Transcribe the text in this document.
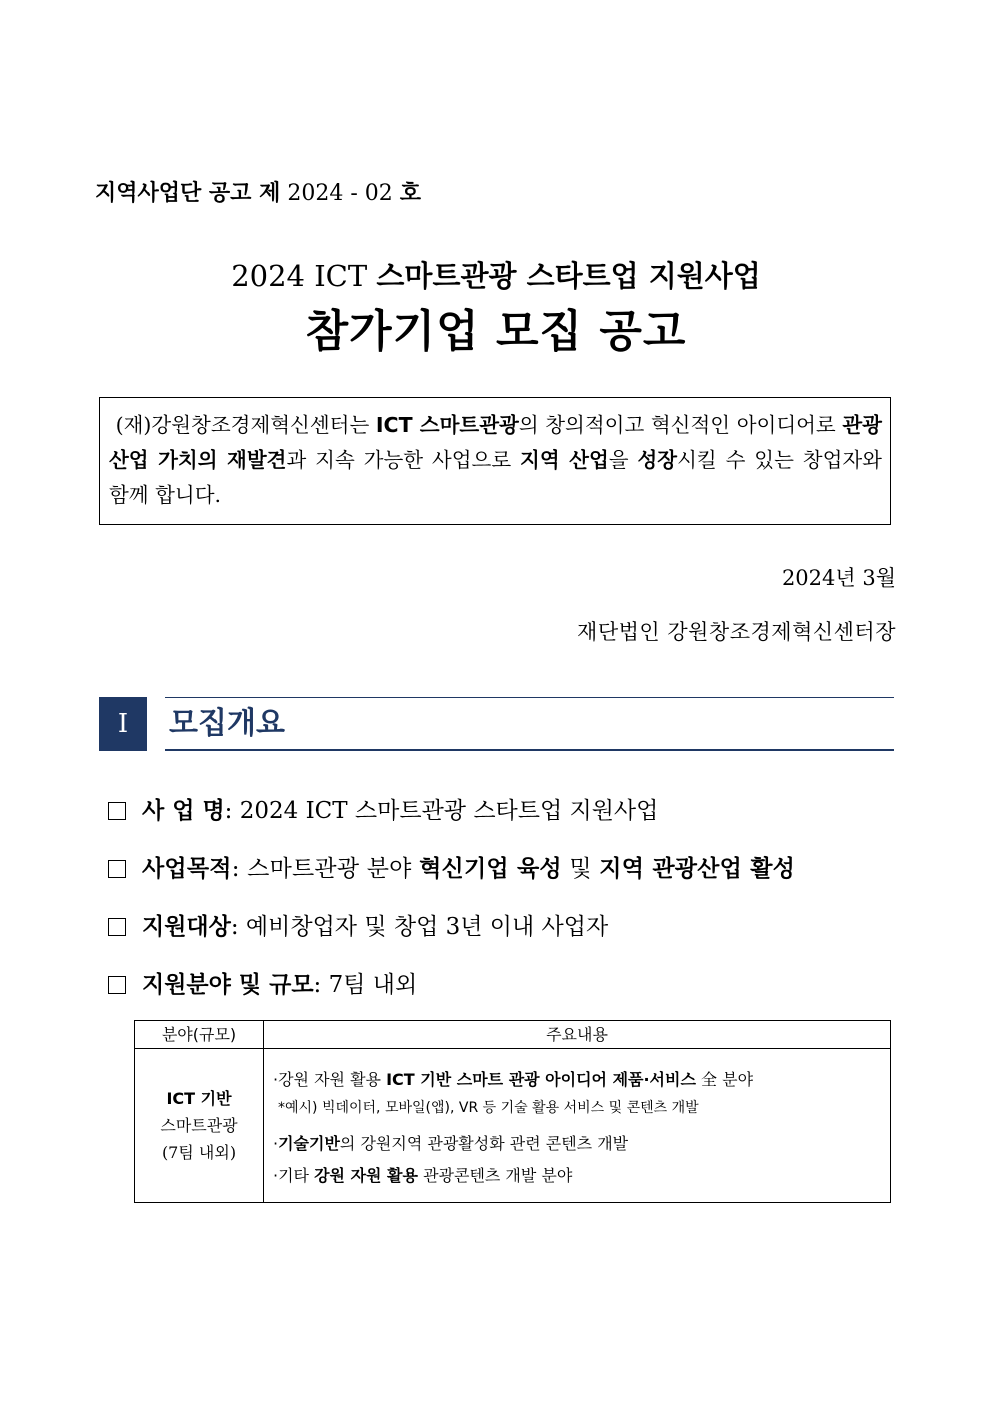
지역사업단 공고 제 2024 - 02 호
2024 ICT 스마트관광 스타트업 지원사업
참가기업 모집 공고
(재)강원창조경제혁신센터는 ICT 스마트관광의 창의적이고 혁신적인 아이디어로 관광 산업 가치의 재발견과 지속 가능한 사업으로 지역 산업을 성장시킬 수 있는 창업자와 함께 합니다.
2024년 3월
재단법인 강원창조경제혁신센터장
Ⅰ	모집개요
사 업 명: 2024 ICT 스마트관광 스타트업 지원사업
사업목적: 스마트관광 분야 혁신기업 육성 및 지역 관광산업 활성
지원대상: 예비창업자 및 창업 3년 이내 사업자
지원분야 및 규모: 7팀 내외
분야(규모)	주요내용
ICT 기반
스마트관광
(7팀 내외)
·강원 자원 활용 ICT 기반 스마트 관광 아이디어 제품·서비스 全 분야
*예시) 빅데이터, 모바일(앱), VR 등 기술 활용 서비스 및 콘텐츠 개발
·기술기반의 강원지역 관광활성화 관련 콘텐츠 개발
·기타 강원 자원 활용 관광콘텐츠 개발 분야
